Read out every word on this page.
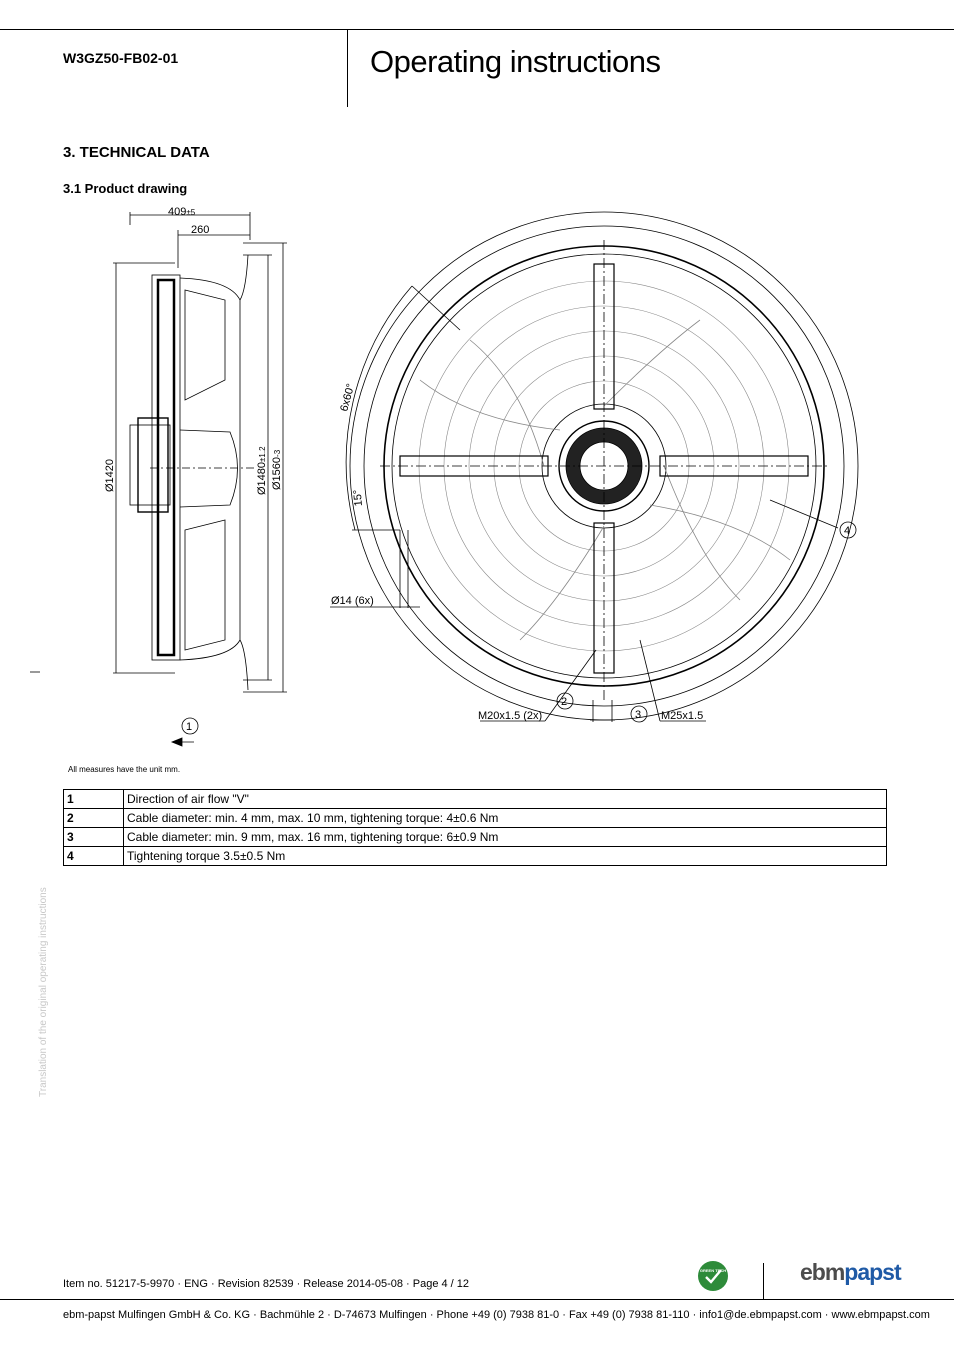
W3GZ50-FB02-01	Operating instructions
3. TECHNICAL DATA
3.1 Product drawing
409±5
260
Ø1420	Ø1480±1.2
Ø1560-3
6x60°
15°
Ø14 (6x)
M20x1.5 (2x)	M25x1.5
1
2
3
4
All measures have the unit mm.
1	Direction of air flow "V"
2	Cable diameter: min. 4 mm, max. 10 mm, tightening torque: 4±0.6 Nm
3	Cable diameter: min. 9 mm, max. 16 mm, tightening torque: 6±0.9 Nm
4	Tightening torque 3.5±0.5 Nm
Translation of the original operating instructions
Item no. 51217-5-9970 · ENG · Revision 82539 · Release 2014-05-08 · Page 4 / 12
GREEN TECH	ebmpapst
ebm-papst Mulfingen GmbH & Co. KG · Bachmühle 2 · D-74673 Mulfingen · Phone +49 (0) 7938 81-0 · Fax +49 (0) 7938 81-110 · info1@de.ebmpapst.com · www.ebmpapst.com
